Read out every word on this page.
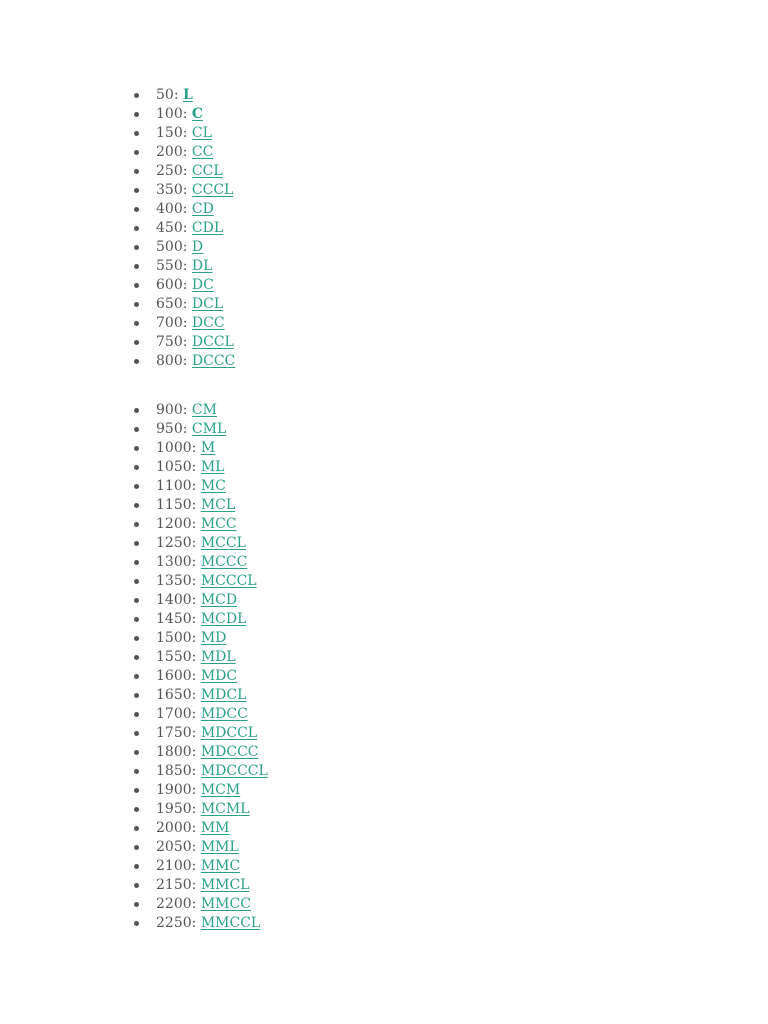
50: L
100: C
150: CL
200: CC
250: CCL
350: CCCL
400: CD
450: CDL
500: D
550: DL
600: DC
650: DCL
700: DCC
750: DCCL
800: DCCC
900: CM
950: CML
1000: M
1050: ML
1100: MC
1150: MCL
1200: MCC
1250: MCCL
1300: MCCC
1350: MCCCL
1400: MCD
1450: MCDL
1500: MD
1550: MDL
1600: MDC
1650: MDCL
1700: MDCC
1750: MDCCL
1800: MDCCC
1850: MDCCCL
1900: MCM
1950: MCML
2000: MM
2050: MML
2100: MMC
2150: MMCL
2200: MMCC
2250: MMCCL
